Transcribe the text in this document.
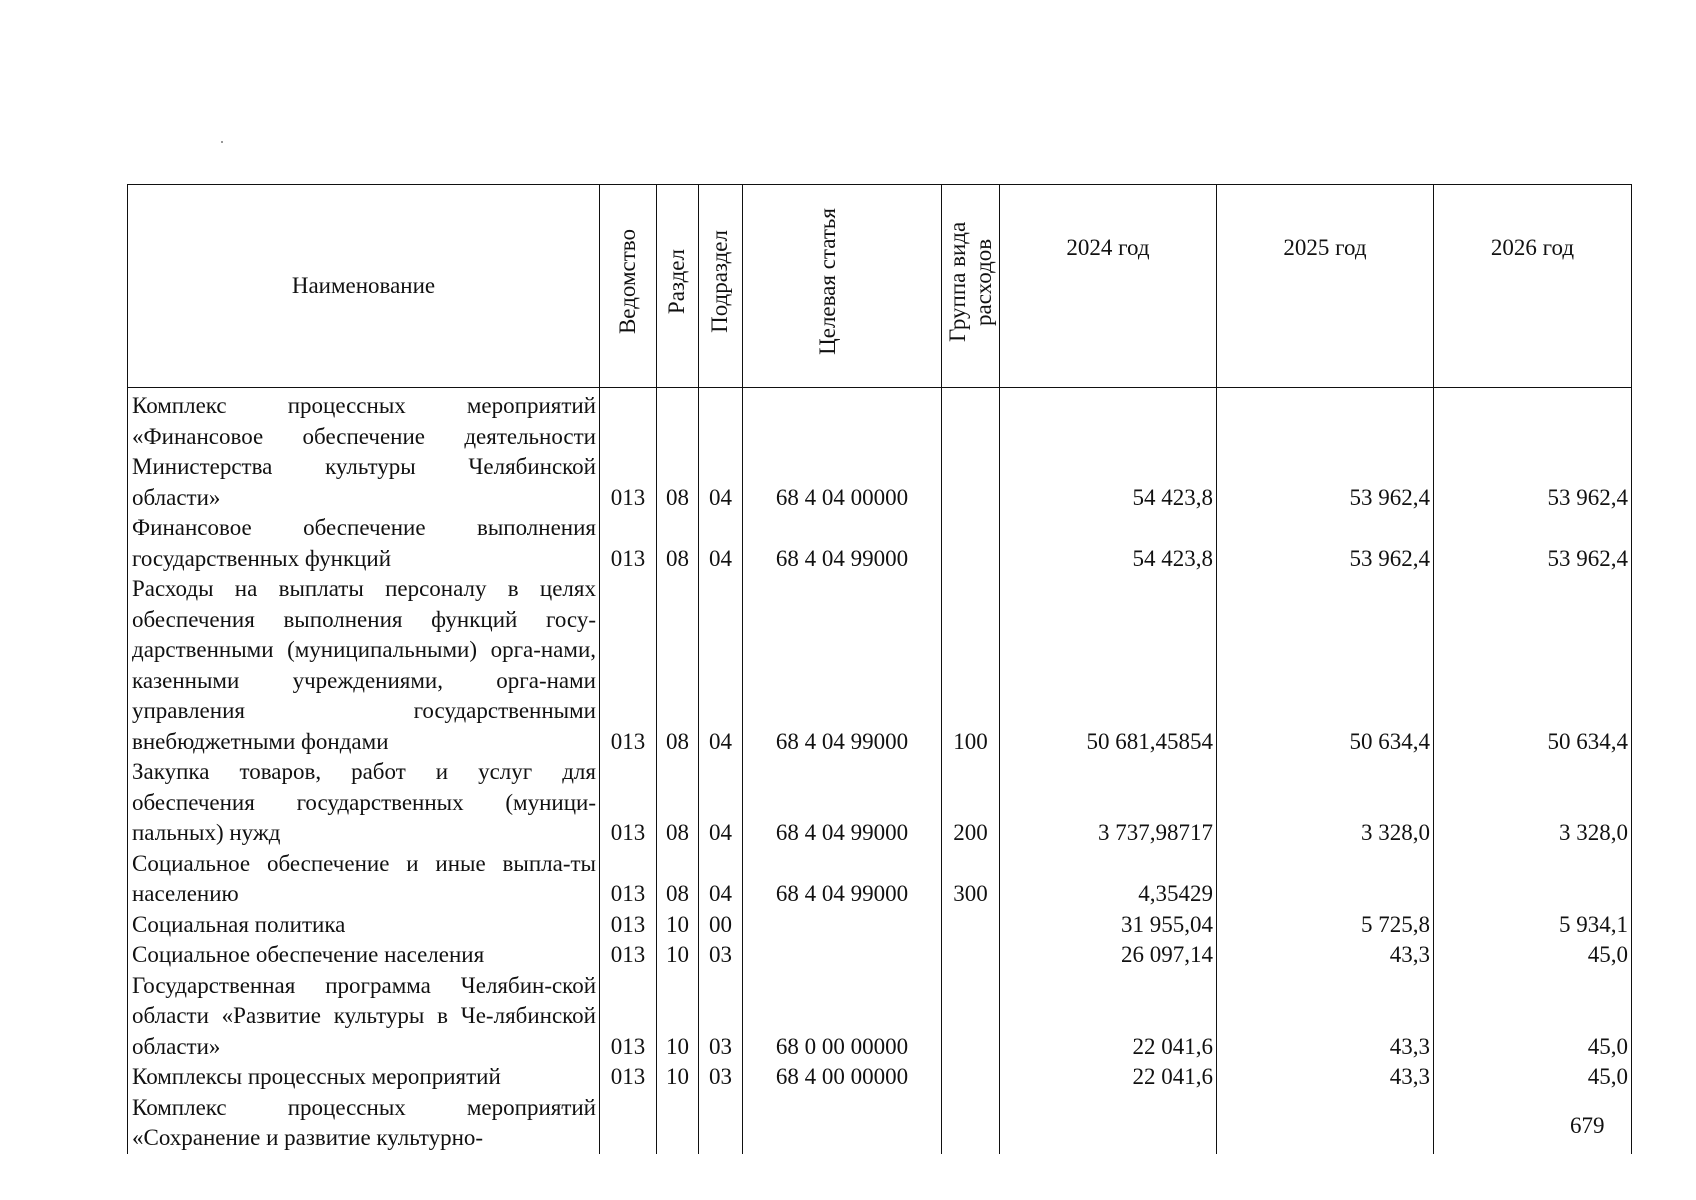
Наименование	Ведомство	Раздел	Подраздел	Целевая статья	Группа вида расходов	2024 год	2025 год	2026 год
Комплекс процессных мероприятий «Финансовое обеспечение деятельности Министерства культуры Челябинской области»	013	08	04	68 4 04 00000		54 423,8	53 962,4	53 962,4
Финансовое обеспечение выполнения государственных функций	013	08	04	68 4 04 99000		54 423,8	53 962,4	53 962,4
Расходы на выплаты персоналу в целях обеспечения выполнения функций госу-дарственными (муниципальными) орга-нами, казенными учреждениями, орга-нами управления государственными внебюджетными фондами	013	08	04	68 4 04 99000	100	50 681,45854	50 634,4	50 634,4
Закупка товаров, работ и услуг для обеспечения государственных (муници-пальных) нужд	013	08	04	68 4 04 99000	200	3 737,98717	3 328,0	3 328,0
Социальное обеспечение и иные выпла-ты населению	013	08	04	68 4 04 99000	300	4,35429		
Социальная политика	013	10	00			31 955,04	5 725,8	5 934,1
Социальное обеспечение населения	013	10	03			26 097,14	43,3	45,0
Государственная программа Челябин-ской области «Развитие культуры в Че-лябинской области»	013	10	03	68 0 00 00000		22 041,6	43,3	45,0
Комплексы процессных мероприятий	013	10	03	68 4 00 00000		22 041,6	43,3	45,0
Комплекс процессных мероприятий «Сохранение и развитие культурно-									679
